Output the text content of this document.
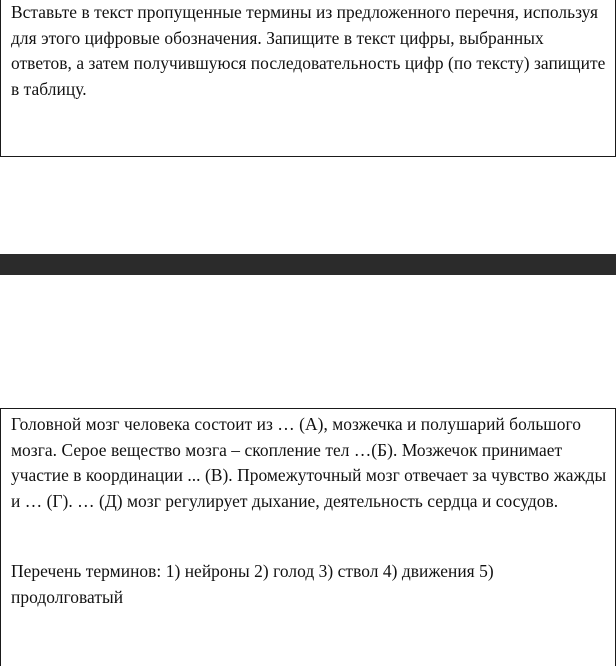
Вставьте в текст пропущенные термины из предложенного перечня, используя для этого цифровые обозначения. Запищите в текст цифры, выбранных ответов, а затем получившуюся последовательность цифр (по тексту) запищите в таблицу.

Головной мозг человека состоит из … (А), мозжечка и полушарий большого мозга. Серое вещество мозга – скопление тел …(Б). Мозжечок принимает участие в координации ... (В). Промежуточный мозг отвечает за чувство жажды и … (Г). … (Д) мозг регулирует дыхание, деятельность сердца и сосудов.

Перечень терминов: 1) нейроны 2) голод 3) ствол 4) движения 5) продолговатый
